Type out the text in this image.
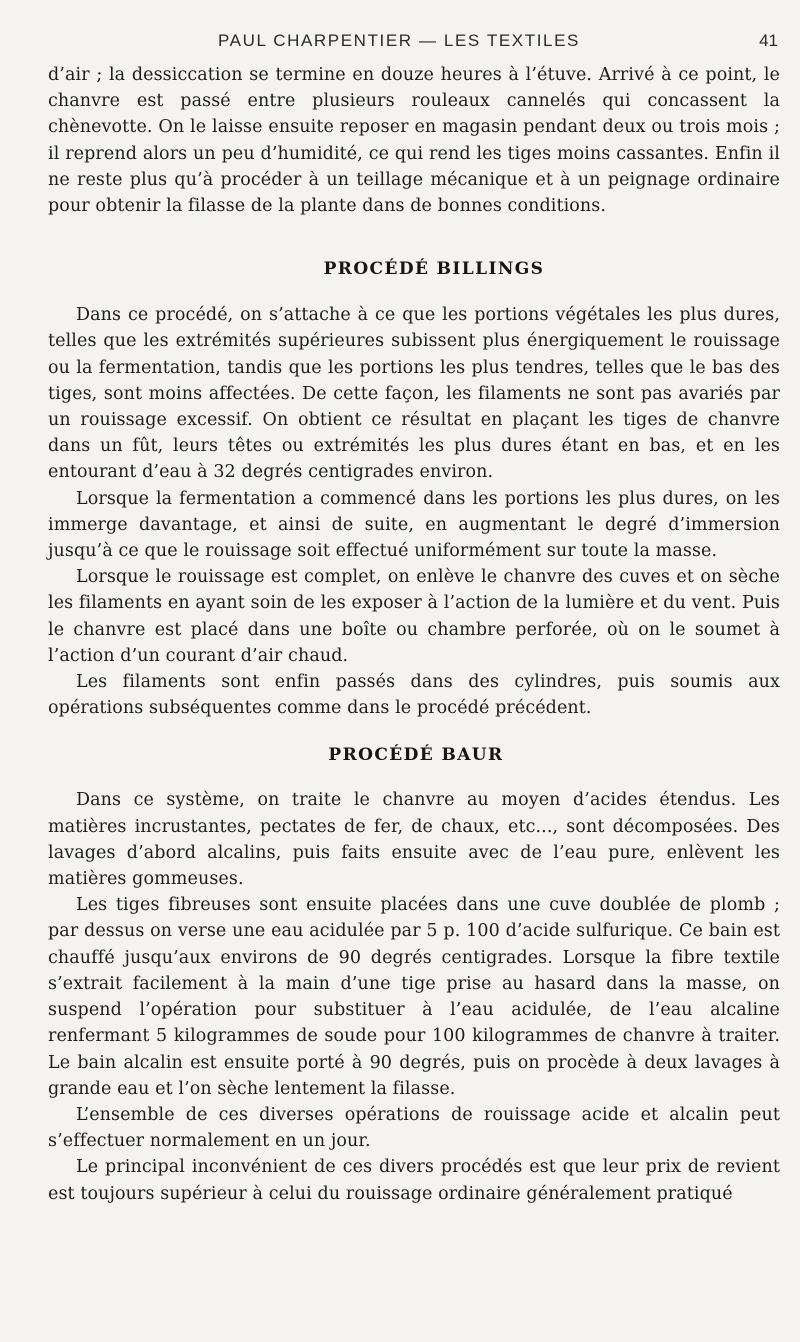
PAUL CHARPENTIER — LES TEXTILES	41

d’air ; la dessiccation se termine en douze heures à l’étuve. Arrivé à ce point, le chanvre est passé entre plusieurs rouleaux cannelés qui concassent la chènevotte. On le laisse ensuite reposer en magasin pendant deux ou trois mois ; il reprend alors un peu d’humidité, ce qui rend les tiges moins cassantes. Enfin il ne reste plus qu’à procéder à un teillage mécanique et à un peignage ordinaire pour obtenir la filasse de la plante dans de bonnes conditions.

PROCÉDÉ BILLINGS

Dans ce procédé, on s’attache à ce que les portions végétales les plus dures, telles que les extrémités supérieures subissent plus énergiquement le rouissage ou la fermentation, tandis que les portions les plus tendres, telles que le bas des tiges, sont moins affectées. De cette façon, les filaments ne sont pas avariés par un rouissage excessif. On obtient ce résultat en plaçant les tiges de chanvre dans un fût, leurs têtes ou extrémités les plus dures étant en bas, et en les entourant d’eau à 32 degrés centigrades environ.

Lorsque la fermentation a commencé dans les portions les plus dures, on les immerge davantage, et ainsi de suite, en augmentant le degré d’immersion jusqu’à ce que le rouissage soit effectué uniformément sur toute la masse.

Lorsque le rouissage est complet, on enlève le chanvre des cuves et on sèche les filaments en ayant soin de les exposer à l’action de la lumière et du vent. Puis le chanvre est placé dans une boîte ou chambre perforée, où on le soumet à l’action d’un courant d’air chaud.

Les filaments sont enfin passés dans des cylindres, puis soumis aux opérations subséquentes comme dans le procédé précédent.

PROCÉDÉ BAUR

Dans ce système, on traite le chanvre au moyen d’acides étendus. Les matières incrustantes, pectates de fer, de chaux, etc..., sont décomposées. Des lavages d’abord alcalins, puis faits ensuite avec de l’eau pure, enlèvent les matières gommeuses.

Les tiges fibreuses sont ensuite placées dans une cuve doublée de plomb ; par dessus on verse une eau acidulée par 5 p. 100 d’acide sulfurique. Ce bain est chauffé jusqu’aux environs de 90 degrés centigrades. Lorsque la fibre textile s’extrait facilement à la main d’une tige prise au hasard dans la masse, on suspend l’opération pour substituer à l’eau acidulée, de l’eau alcaline renfermant 5 kilogrammes de soude pour 100 kilogrammes de chanvre à traiter. Le bain alcalin est ensuite porté à 90 degrés, puis on procède à deux lavages à grande eau et l’on sèche lentement la filasse.

L’ensemble de ces diverses opérations de rouissage acide et alcalin peut s’effectuer normalement en un jour.

Le principal inconvénient de ces divers procédés est que leur prix de revient est toujours supérieur à celui du rouissage ordinaire généralement pratiqué
